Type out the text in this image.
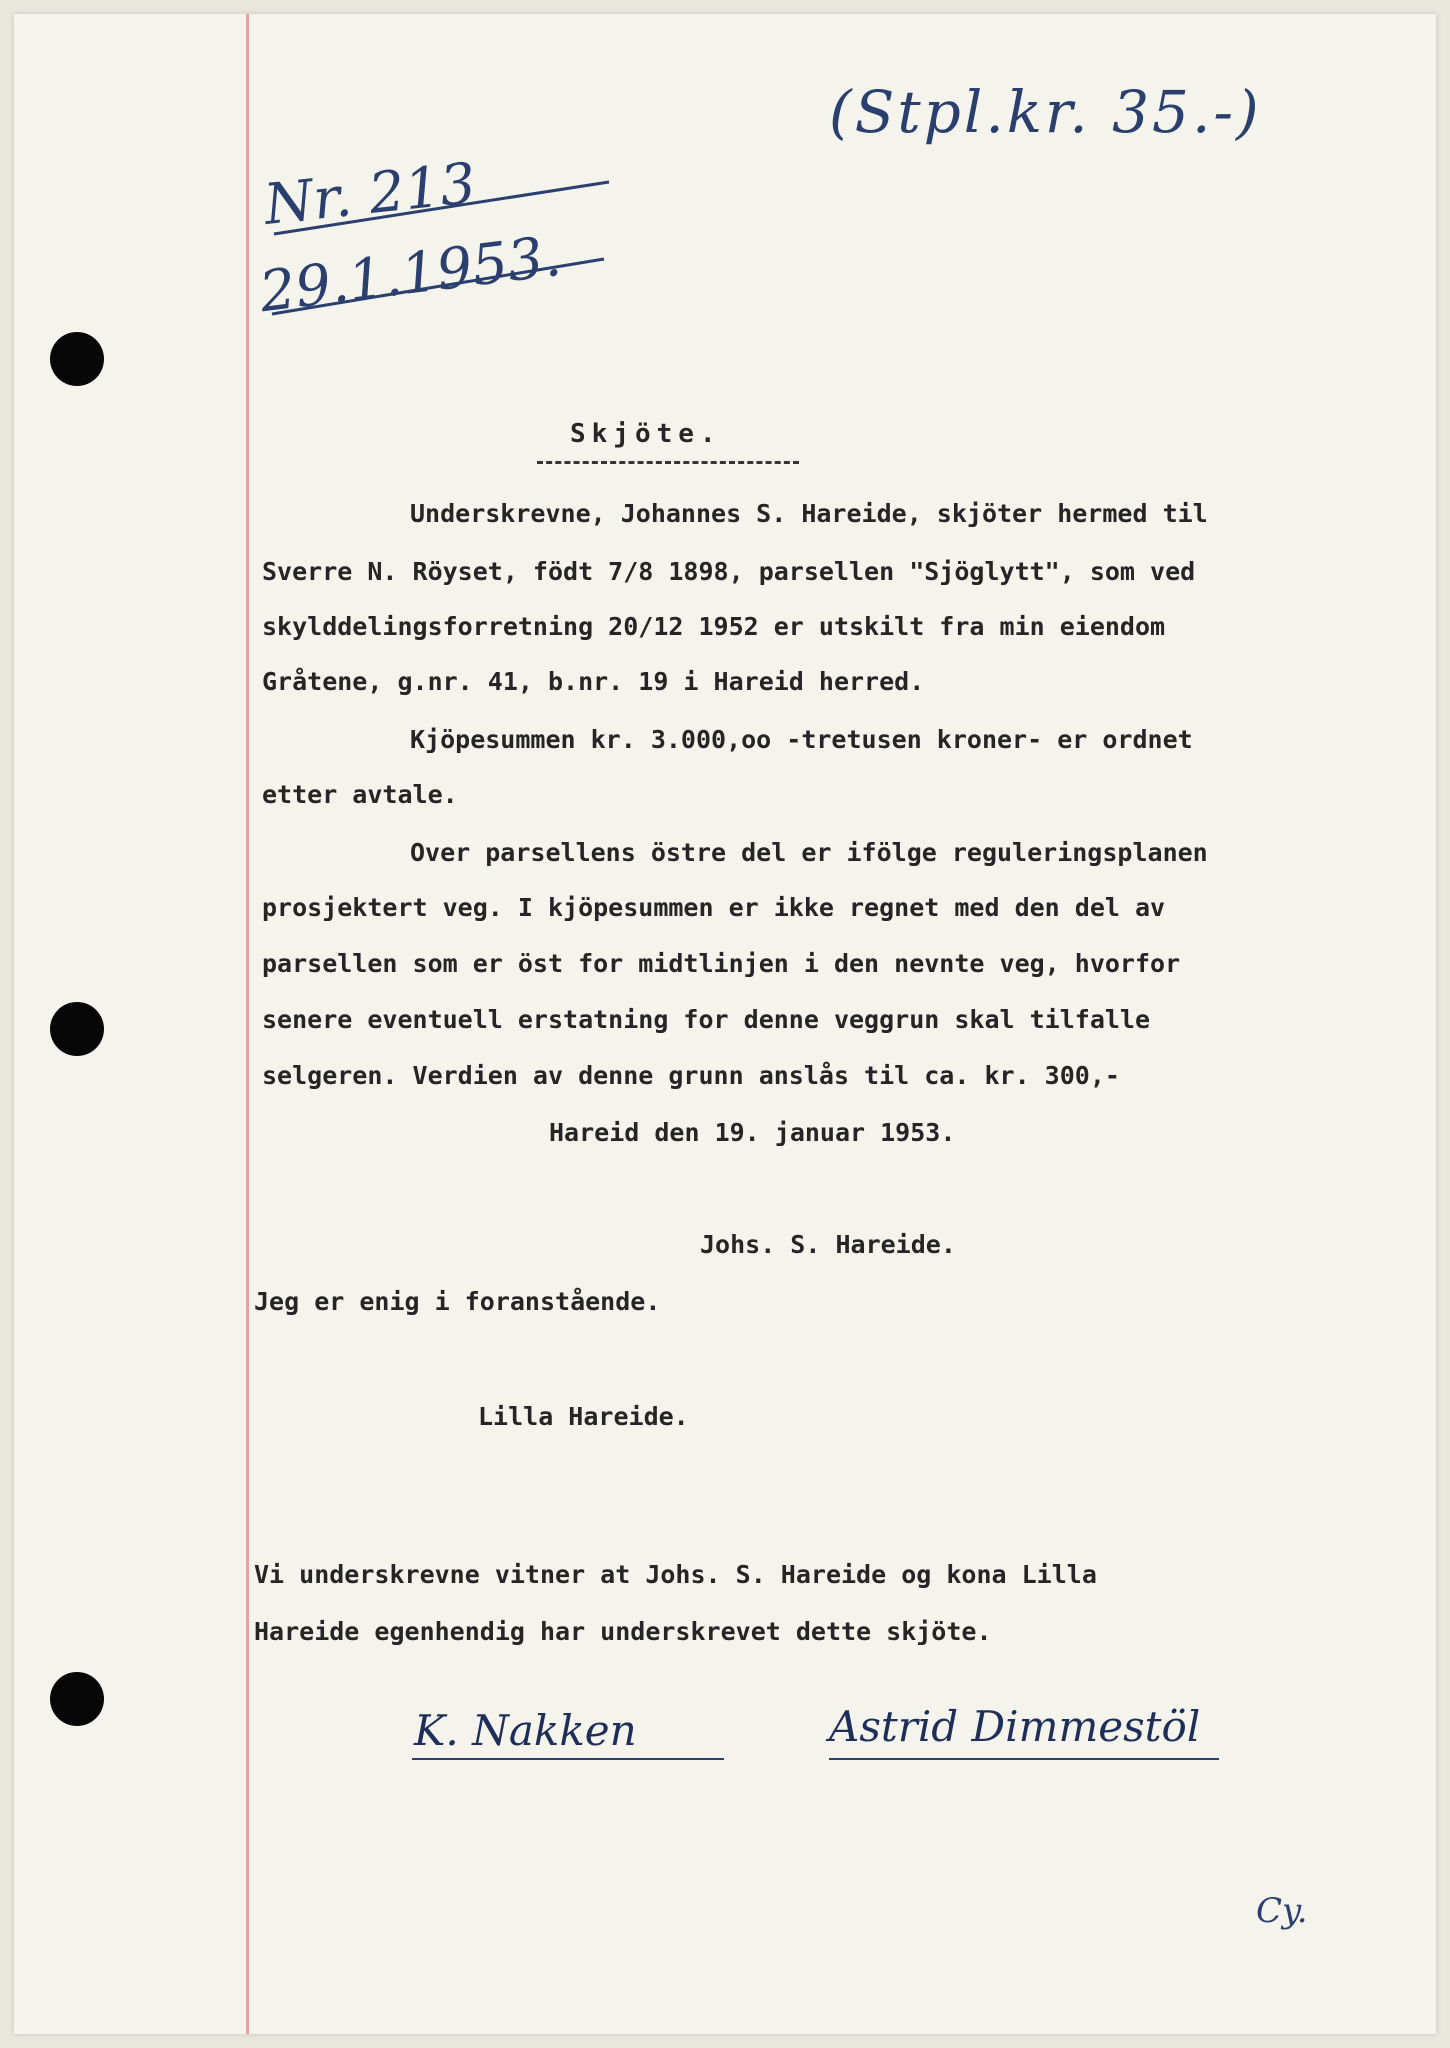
(Stpl.kr. 35.-)
Nr. 213
29.1.1953.
Skjöte.
Underskrevne, Johannes S. Hareide, skjöter hermed til
Sverre N. Röyset, födt 7/8 1898, parsellen "Sjöglytt", som ved
skylddelingsforretning 20/12 1952 er utskilt fra min eiendom
Gråtene, g.nr. 41, b.nr. 19 i Hareid herred.
Kjöpesummen kr. 3.000,oo -tretusen kroner- er ordnet
etter avtale.
Over parsellens östre del er ifölge reguleringsplanen
prosjektert veg. I kjöpesummen er ikke regnet med den del av
parsellen som er öst for midtlinjen i den nevnte veg, hvorfor
senere eventuell erstatning for denne veggrun skal tilfalle
selgeren. Verdien av denne grunn anslås til ca. kr. 300,-
Hareid den 19. januar 1953.
Johs. S. Hareide.
Jeg er enig i foranstående.
Lilla Hareide.
Vi underskrevne vitner at Johs. S. Hareide og kona Lilla
Hareide egenhendig har underskrevet dette skjöte.
K. Nakken	Astrid Dimmestöl
Cy.
